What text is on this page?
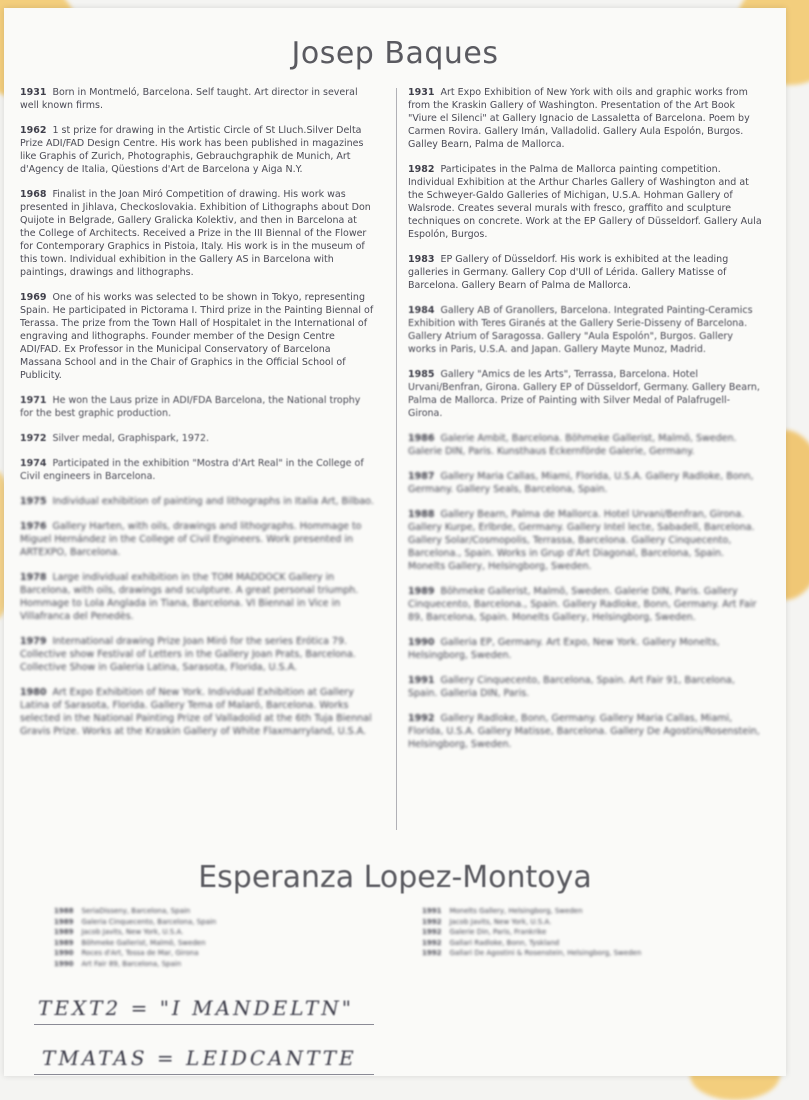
Josep Baques
1931 Born in Montmeló, Barcelona. Self taught. Art director in several well known firms.
1962 1 st prize for drawing in the Artistic Circle of St Lluch.Silver Delta Prize ADI/FAD Design Centre. His work has been published in magazines like Graphis of Zurich, Photographis, Gebrauchgraphik de Munich, Art d'Agency de Italia, Qüestions d'Art de Barcelona y Aiga N.Y.
1968 Finalist in the Joan Miró Competition of drawing. His work was presented in Jihlava, Checkoslovakia. Exhibition of Lithographs about Don Quijote in Belgrade, Gallery Gralicka Kolektiv, and then in Barcelona at the College of Architects. Received a Prize in the III Biennal of the Flower for Contemporary Graphics in Pistoia, Italy. His work is in the museum of this town. Individual exhibition in the Gallery AS in Barcelona with paintings, drawings and lithographs.
1969 One of his works was selected to be shown in Tokyo, representing Spain. He participated in Pictorama I. Third prize in the Painting Biennal of Terassa. The prize from the Town Hall of Hospitalet in the International of engraving and lithographs. Founder member of the Design Centre ADI/FAD. Ex Professor in the Municipal Conservatory of Barcelona Massana School and in the Chair of Graphics in the Official School of Publicity.
1971 He won the Laus prize in ADI/FDA Barcelona, the National trophy for the best graphic production.
1972 Silver medal, Graphispark, 1972.
1974 Participated in the exhibition "Mostra d'Art Real" in the College of Civil engineers in Barcelona.
1975 Individual exhibition of painting and lithographs in Italia Art, Bilbao.
1976 Gallery Harten, with oils, drawings and lithographs. Hommage to Miguel Hernández in the College of Civil Engineers. Work presented in ARTEXPO, Barcelona.
1978 Large individual exhibition in the TOM MADDOCK Gallery in Barcelona, with oils, drawings and sculpture. A great personal triumph. Hommage to Lola Anglada in Tiana, Barcelona. VI Biennal in Vice in Villafranca del Penedès.
1979 International drawing Prize Joan Miró for the series Erótica 79. Collective show Festival of Letters in the Gallery Joan Prats, Barcelona. Collective Show in Galeria Latina, Sarasota, Florida, U.S.A.
1980 Art Expo Exhibition of New York. Individual Exhibition at Gallery Latina of Sarasota, Florida. Gallery Tema of Malaró, Barcelona. Works selected in the National Painting Prize of Valladolid at the 6th Tuja Biennal Gravis Prize. Works at the Kraskin Gallery of White Flaxmarryland, U.S.A.
1931 Art Expo Exhibition of New York with oils and graphic works from from the Kraskin Gallery of Washington. Presentation of the Art Book "Viure el Silenci" at Gallery Ignacio de Lassaletta of Barcelona. Poem by Carmen Rovira. Gallery Imán, Valladolid. Gallery Aula Espolón, Burgos. Galley Bearn, Palma de Mallorca.
1982 Participates in the Palma de Mallorca painting competition. Individual Exhibition at the Arthur Charles Gallery of Washington and at the Schweyer-Galdo Galleries of Michigan, U.S.A. Hohman Gallery of Walsrode. Creates several murals with fresco, graffito and sculpture techniques on concrete. Work at the EP Gallery of Düsseldorf. Gallery Aula Espolón, Burgos.
1983 EP Gallery of Düsseldorf. His work is exhibited at the leading galleries in Germany. Gallery Cop d'Ull of Lérida. Gallery Matisse of Barcelona. Gallery Bearn of Palma de Mallorca.
1984 Gallery AB of Granollers, Barcelona. Integrated Painting-Ceramics Exhibition with Teres Giranés at the Gallery Serie-Disseny of Barcelona. Gallery Atrium of Saragossa. Gallery "Aula Espolón", Burgos. Gallery works in Paris, U.S.A. and Japan. Gallery Mayte Munoz, Madrid.
1985 Gallery "Amics de les Arts", Terrassa, Barcelona. Hotel Urvani/Benfran, Girona. Gallery EP of Düsseldorf, Germany. Gallery Bearn, Palma de Mallorca. Prize of Painting with Silver Medal of Palafrugell-Girona.
1986 Galerie Ambit, Barcelona. Böhmeke Gallerist, Malmö, Sweden. Galerie DIN, Paris. Kunsthaus Eckernförde Galerie, Germany.
1987 Gallery Maria Callas, Miami, Florida, U.S.A. Gallery Radloke, Bonn, Germany. Gallery Seals, Barcelona, Spain.
1988 Gallery Bearn, Palma de Mallorca. Hotel Urvani/Benfran, Girona. Gallery Kurpe, Erlbrde, Germany. Gallery Intel lecte, Sabadell, Barcelona. Gallery Solar/Cosmopolis, Terrassa, Barcelona. Gallery Cinquecento, Barcelona., Spain. Works in Grup d'Art Diagonal, Barcelona, Spain. Monelts Gallery, Helsingborg, Sweden.
1989 Böhmeke Gallerist, Malmö, Sweden. Galerie DIN, Paris. Gallery Cinquecento, Barcelona., Spain. Gallery Radloke, Bonn, Germany. Art Fair 89, Barcelona, Spain. Monelts Gallery, Helsingborg, Sweden.
1990 Galleria EP, Germany. Art Expo, New York. Gallery Monelts, Helsingborg, Sweden.
1991 Gallery Cinquecento, Barcelona, Spain. Art Fair 91, Barcelona, Spain. Galleria DIN, Paris.
1992 Gallery Radloke, Bonn, Germany. Gallery Maria Callas, Miami, Florida, U.S.A. Gallery Matisse, Barcelona. Gallery De Agostini/Rosenstein, Helsingborg, Sweden.
Esperanza Lopez-Montoya
1988 SeriaDisseny, Barcelona, Spain
1989 Galeria Cinquecento, Barcelona, Spain
1989 Jacob Javits, New York, U.S.A.
1989 Böhmeke Gallerist, Malmö, Sweden
1990 Roces d'Art, Tossa de Mar, Girona
1990 Art Fair 89, Barcelona, Spain
1991 Monelts Gallery, Helsingborg, Sweden
1992 Jacob Javits, New York, U.S.A.
1992 Galerie Din, Paris, Frankrike
1992 Gallari Radloke, Bonn, Tyskland
1992 Gallari De Agostini & Rosenstein, Helsingborg, Sweden
TEXT2 = "I MANDELTN"
TMATAS = LEIDCANTTE
